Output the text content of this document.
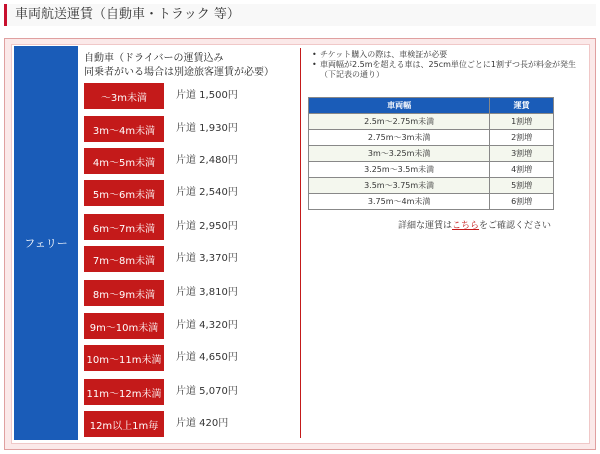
車両航送運賃（自動車・トラック 等）
フェリー
自動車（ドライバーの運賃込み
同乗者がいる場合は別途旅客運賃が必要）
～3m未満	片道 1,500円
3m～4m未満	片道 1,930円
4m～5m未満	片道 2,480円
5m～6m未満	片道 2,540円
6m～7m未満	片道 2,950円
7m～8m未満	片道 3,370円
8m～9m未満	片道 3,810円
9m～10m未満	片道 4,320円
10m～11m未満 片道 4,650円
11m～12m未満 片道 5,070円
12m以上1m毎	片道 420円
• チケット購入の際は、車検証が必要
• 車両幅が2.5mを超える車は、25cm単位ごとに1割ずつ長が料金が発生
（下記表の通り）
車両幅	運賃
2.5m～2.75m未満	1割増
2.75m～3m未満	2割増
3m～3.25m未満	3割増
3.25m～3.5m未満	4割増
3.5m～3.75m未満	5割増
3.75m～4m未満	6割増
詳細な運賃はこちらをご確認ください
